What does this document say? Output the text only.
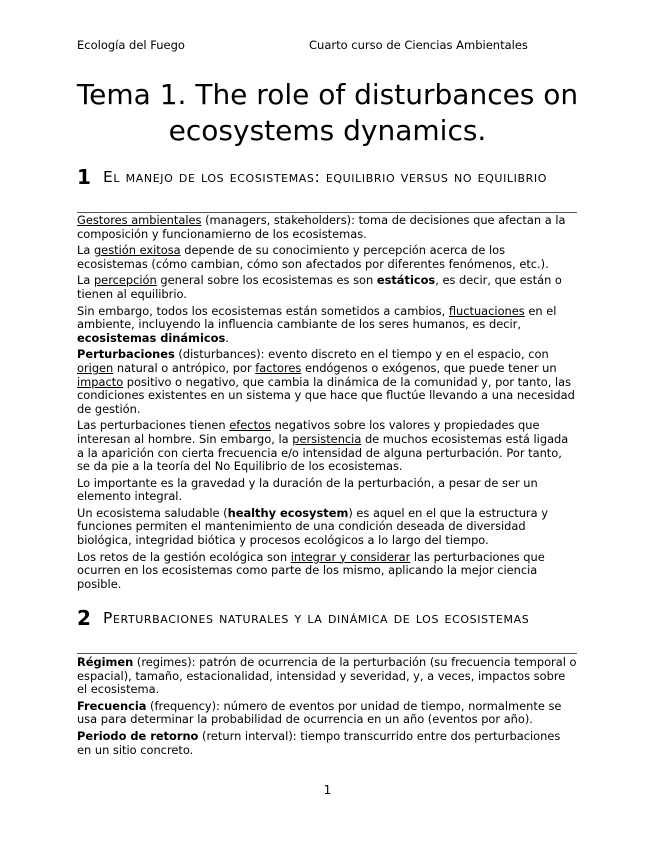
Ecología del Fuego	Cuarto curso de Ciencias Ambientales
Tema 1. The role of disturbances on ecosystems dynamics.
1 El manejo de los ecosistemas: equilibrio versus no equilibrio

Gestores ambientales (managers, stakeholders): toma de decisiones que afectan a la composición y funcionamierno de los ecosistemas.

La gestión exitosa depende de su conocimiento y percepción acerca de los ecosistemas (cómo cambian, cómo son afectados por diferentes fenómenos, etc.).

La percepción general sobre los ecosistemas es son estáticos, es decir, que están o tienen al equilibrio.

Sin embargo, todos los ecosistemas están sometidos a cambios, fluctuaciones en el ambiente, incluyendo la influencia cambiante de los seres humanos, es decir, ecosistemas dinámicos.

Perturbaciones (disturbances): evento discreto en el tiempo y en el espacio, con origen natural o antrópico, por factores endógenos o exógenos, que puede tener un impacto positivo o negativo, que cambia la dinámica de la comunidad y, por tanto, las condiciones existentes en un sistema y que hace que fluctúe llevando a una necesidad de gestión.

Las perturbaciones tienen efectos negativos sobre los valores y propiedades que interesan al hombre. Sin embargo, la persistencia de muchos ecosistemas está ligada a la aparición con cierta frecuencia e/o intensidad de alguna perturbación. Por tanto, se da pie a la teoría del No Equilibrio de los ecosistemas.

Lo importante es la gravedad y la duración de la perturbación, a pesar de ser un elemento integral.

Un ecosistema saludable (healthy ecosystem) es aquel en el que la estructura y funciones permiten el mantenimiento de una condición deseada de diversidad biológica, integridad biótica y procesos ecológicos a lo largo del tiempo.

Los retos de la gestión ecológica son integrar y considerar las perturbaciones que ocurren en los ecosistemas como parte de los mismo, aplicando la mejor ciencia posible.

2 Perturbaciones naturales y la dinámica de los ecosistemas

Régimen (regimes): patrón de ocurrencia de la perturbación (su frecuencia temporal o espacial), tamaño, estacionalidad, intensidad y severidad, y, a veces, impactos sobre el ecosistema.

Frecuencia (frequency): número de eventos por unidad de tiempo, normalmente se usa para determinar la probabilidad de ocurrencia en un año (eventos por año).

Periodo de retorno (return interval): tiempo transcurrido entre dos perturbaciones en un sitio concreto.

1
